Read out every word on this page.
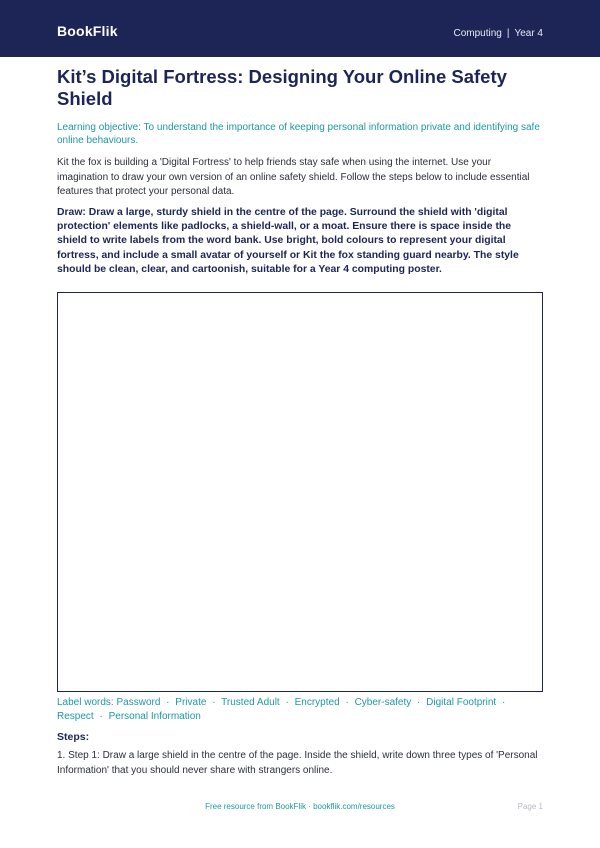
BookFlik	Computing | Year 4
Kit’s Digital Fortress: Designing Your Online Safety Shield
Learning objective: To understand the importance of keeping personal information private and identifying safe online behaviours.
Kit the fox is building a 'Digital Fortress' to help friends stay safe when using the internet. Use your imagination to draw your own version of an online safety shield. Follow the steps below to include essential features that protect your personal data.
Draw: Draw a large, sturdy shield in the centre of the page. Surround the shield with 'digital protection' elements like padlocks, a shield-wall, or a moat. Ensure there is space inside the shield to write labels from the word bank. Use bright, bold colours to represent your digital fortress, and include a small avatar of yourself or Kit the fox standing guard nearby. The style should be clean, clear, and cartoonish, suitable for a Year 4 computing poster.
Label words: Password · Private · Trusted Adult · Encrypted · Cyber-safety · Digital Footprint · Respect · Personal Information
Steps:
1. Step 1: Draw a large shield in the centre of the page. Inside the shield, write down three types of 'Personal Information' that you should never share with strangers online.
Free resource from BookFlik · bookflik.com/resources	Page 1
